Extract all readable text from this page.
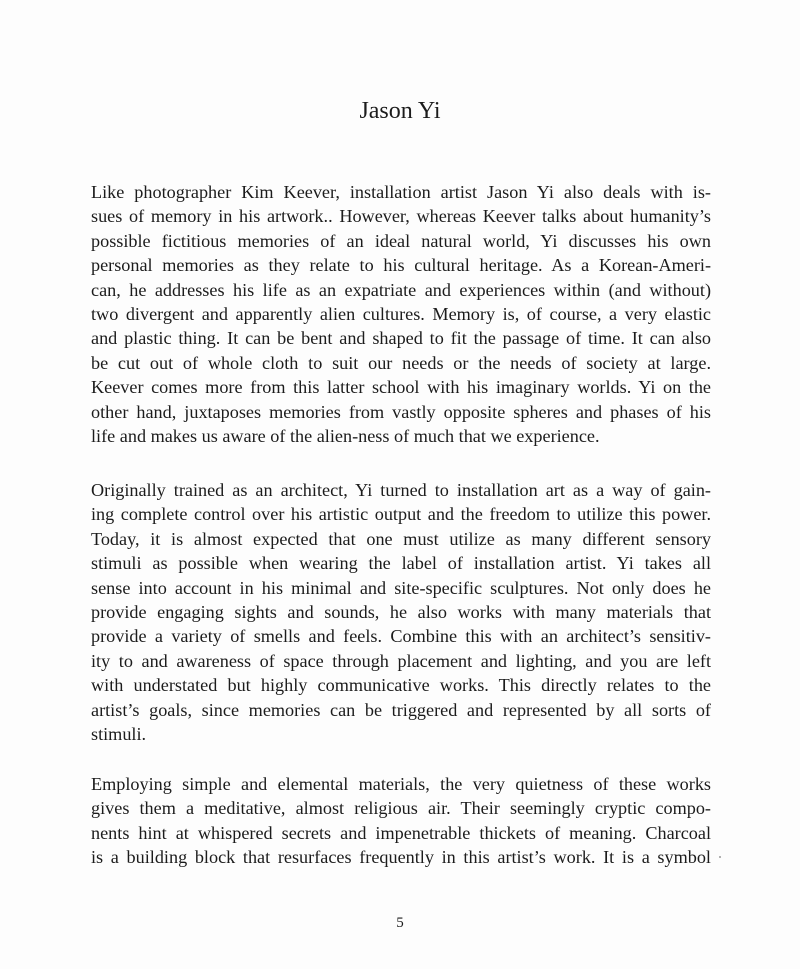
Jason Yi
Like photographer Kim Keever, installation artist Jason Yi also deals with is-
sues of memory in his artwork.. However, whereas Keever talks about humanity’s
possible fictitious memories of an ideal natural world, Yi discusses his own
personal memories as they relate to his cultural heritage. As a Korean-Ameri-
can, he addresses his life as an expatriate and experiences within (and without)
two divergent and apparently alien cultures. Memory is, of course, a very elastic
and plastic thing. It can be bent and shaped to fit the passage of time. It can also
be cut out of whole cloth to suit our needs or the needs of society at large.
Keever comes more from this latter school with his imaginary worlds. Yi on the
other hand, juxtaposes memories from vastly opposite spheres and phases of his
life and makes us aware of the alien-ness of much that we experience.
Originally trained as an architect, Yi turned to installation art as a way of gain-
ing complete control over his artistic output and the freedom to utilize this power.
Today, it is almost expected that one must utilize as many different sensory
stimuli as possible when wearing the label of installation artist. Yi takes all
sense into account in his minimal and site-specific sculptures. Not only does he
provide engaging sights and sounds, he also works with many materials that
provide a variety of smells and feels. Combine this with an architect’s sensitiv-
ity to and awareness of space through placement and lighting, and you are left
with understated but highly communicative works. This directly relates to the
artist’s goals, since memories can be triggered and represented by all sorts of
stimuli.
Employing simple and elemental materials, the very quietness of these works
gives them a meditative, almost religious air. Their seemingly cryptic compo-
nents hint at whispered secrets and impenetrable thickets of meaning. Charcoal
is a building block that resurfaces frequently in this artist’s work. It is a symbol

5
